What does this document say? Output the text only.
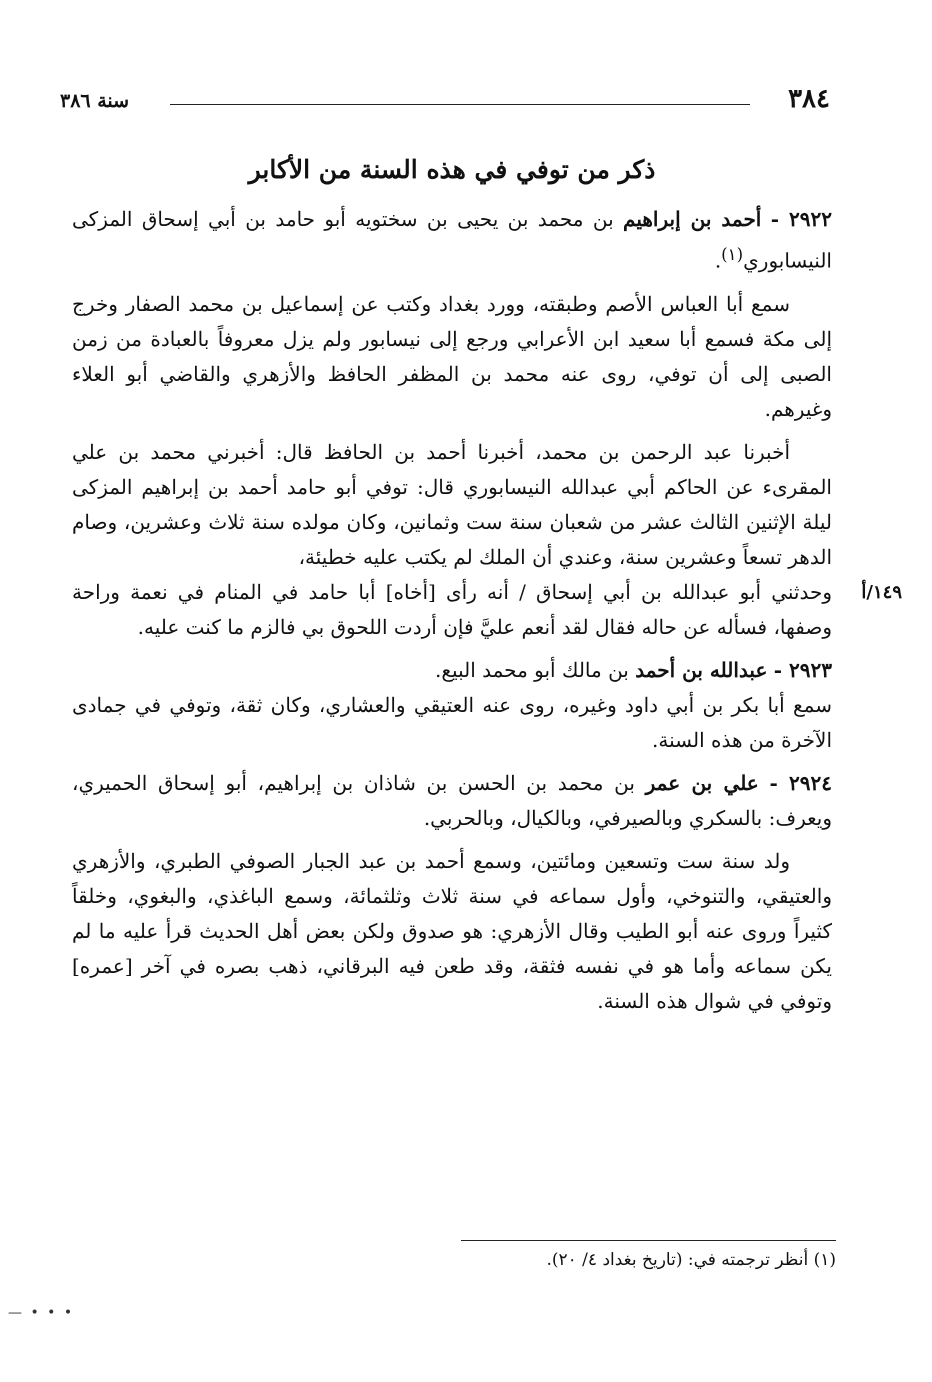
٣٨٤
سنة ٣٨٦
ذكر من توفي في هذه السنة من الأكابر

٢٩٢٢ - أحمد بن إبراهيم بن محمد بن يحيى بن سختويه أبو حامد بن أبي إسحاق المزكى النيسابوري$^{(١)}$.

سمع أبا العباس الأصم وطبقته، وورد بغداد وكتب عن إسماعيل بن محمد الصفار وخرج إلى مكة فسمع أبا سعيد ابن الأعرابي ورجع إلى نيسابور ولم يزل معروفاً بالعبادة من زمن الصبى إلى أن توفي، روى عنه محمد بن المظفر الحافظ والأزهري والقاضي أبو العلاء وغيرهم.

أخبرنا عبد الرحمن بن محمد، أخبرنا أحمد بن الحافظ قال: أخبرني محمد بن علي المقرىء عن الحاكم أبي عبدالله النيسابوري قال: توفي أبو حامد أحمد بن إبراهيم المزكى ليلة الإثنين الثالث عشر من شعبان سنة ست وثمانين، وكان مولده سنة ثلاث وعشرين، وصام الدهر تسعاً وعشرين سنة، وعندي أن الملك لم يكتب عليه خطيئة،

١٤٩/أ
وحدثني أبو عبدالله بن أبي إسحاق / أنه رأى [أخاه] أبا حامد في المنام في نعمة وراحة وصفها، فسأله عن حاله فقال لقد أنعم عليَّ فإن أردت اللحوق بي فالزم ما كنت عليه.

٢٩٢٣ - عبدالله بن أحمد بن مالك أبو محمد البيع.

سمع أبا بكر بن أبي داود وغيره، روى عنه العتيقي والعشاري، وكان ثقة، وتوفي في جمادى الآخرة من هذه السنة.

٢٩٢٤ - علي بن عمر بن محمد بن الحسن بن شاذان بن إبراهيم، أبو إسحاق الحميري، ويعرف: بالسكري وبالصيرفي، وبالكيال، وبالحربي.

ولد سنة ست وتسعين ومائتين، وسمع أحمد بن عبد الجبار الصوفي الطبري، والأزهري والعتيقي، والتنوخي، وأول سماعه في سنة ثلاث وثلثمائة، وسمع الباغذي، والبغوي، وخلقاً كثيراً وروى عنه أبو الطيب وقال الأزهري: هو صدوق ولكن بعض أهل الحديث قرأ عليه ما لم يكن سماعه وأما هو في نفسه فثقة، وقد طعن فيه البرقاني، ذهب بصره في آخر [عمره] وتوفي في شوال هذه السنة.

(١) أنظر ترجمته في: (تاريخ بغداد ٤/ ٢٠).
— • • •
